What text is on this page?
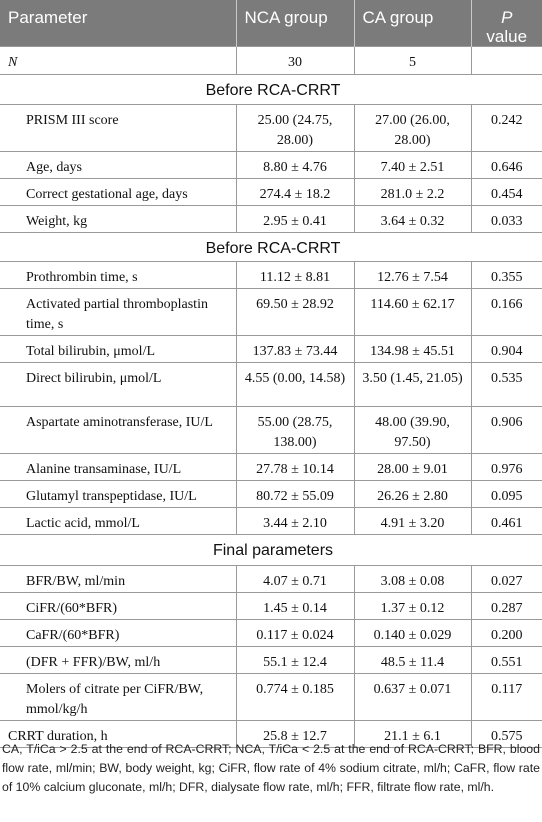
Parameter	NCA group	CA group	P
value
N	30	5	
Before RCA-CRRT			
PRISM III score	25.00 (24.75, 28.00)	27.00 (26.00, 28.00)	0.242
Age, days	8.80 ± 4.76	7.40 ± 2.51	0.646
Correct gestational age, days	274.4 ± 18.2	281.0 ± 2.2	0.454
Weight, kg	2.95 ± 0.41	3.64 ± 0.32	0.033
Before RCA-CRRT			
Prothrombin time, s	11.12 ± 8.81	12.76 ± 7.54	0.355
Activated partial thromboplastin time, s	69.50 ± 28.92	114.60 ± 62.17	0.166
Total bilirubin, μmol/L	137.83 ± 73.44	134.98 ± 45.51	0.904
Direct bilirubin, μmol/L	4.55 (0.00, 14.58)	3.50 (1.45, 21.05)	0.535
Aspartate aminotransferase, IU/L	55.00 (28.75, 138.00)	48.00 (39.90, 97.50)	0.906
Alanine transaminase, IU/L	27.78 ± 10.14	28.00 ± 9.01	0.976
Glutamyl transpeptidase, IU/L	80.72 ± 55.09	26.26 ± 2.80	0.095
Lactic acid, mmol/L	3.44 ± 2.10	4.91 ± 3.20	0.461
Final parameters			
BFR/BW, ml/min	4.07 ± 0.71	3.08 ± 0.08	0.027
CiFR/(60*BFR)	1.45 ± 0.14	1.37 ± 0.12	0.287
CaFR/(60*BFR)	0.117 ± 0.024	0.140 ± 0.029	0.200
(DFR + FFR)/BW, ml/h	55.1 ± 12.4	48.5 ± 11.4	0.551
Molers of citrate per CiFR/BW, mmol/kg/h	0.774 ± 0.185	0.637 ± 0.071	0.117
CRRT duration, h	25.8 ± 12.7	21.1 ± 6.1	0.575
CA, T/iCa > 2.5 at the end of RCA-CRRT; NCA, T/iCa < 2.5 at the end of RCA-CRRT; BFR, blood flow rate, ml/min; BW, body weight, kg; CiFR, flow rate of 4% sodium citrate, ml/h; CaFR, flow rate of 10% calcium gluconate, ml/h; DFR, dialysate flow rate, ml/h; FFR, filtrate flow rate, ml/h.
